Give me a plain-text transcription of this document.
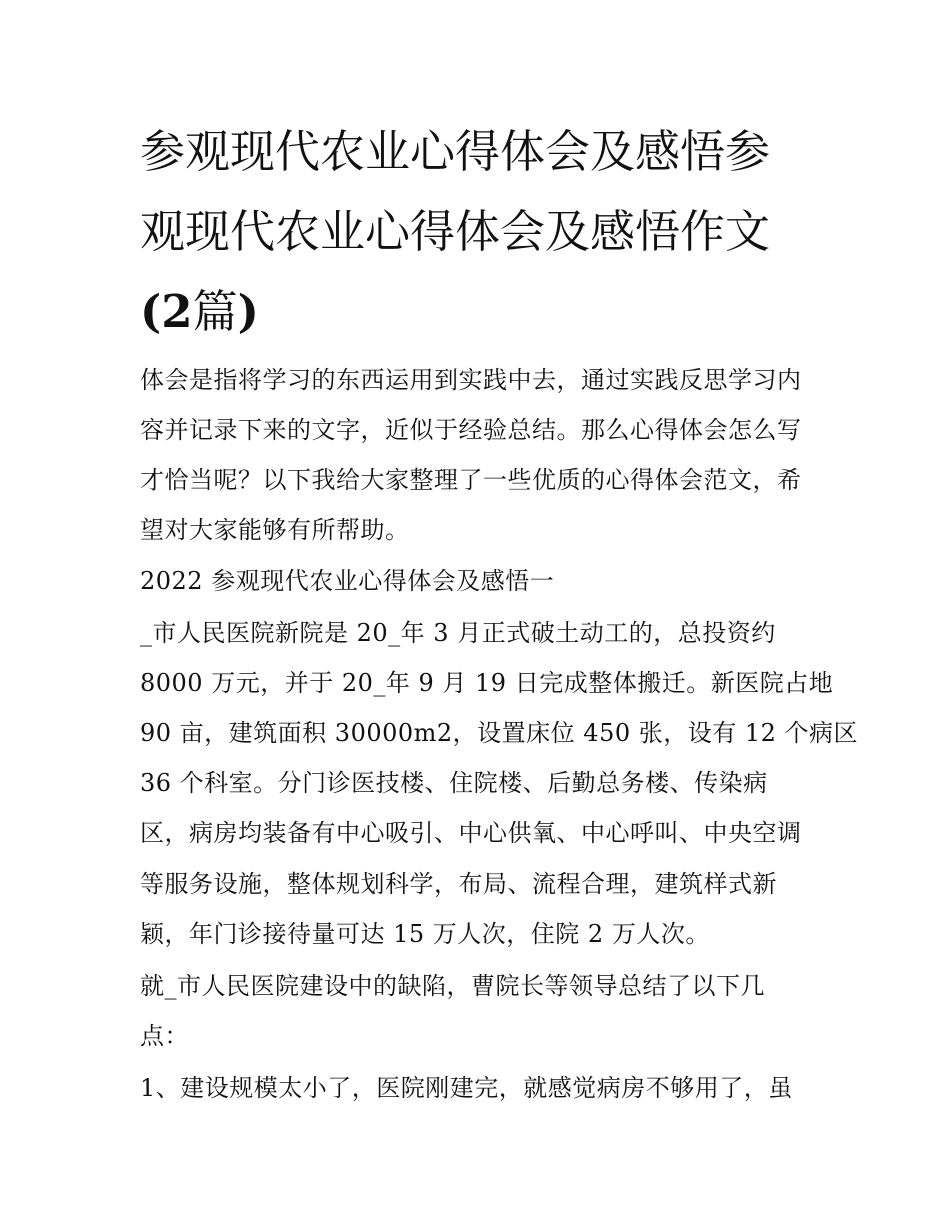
参观现代农业心得体会及感悟参观现代农业心得体会及感悟作文(2篇)
体会是指将学习的东西运用到实践中去，通过实践反思学习内
容并记录下来的文字，近似于经验总结。那么心得体会怎么写
才恰当呢？以下我给大家整理了一些优质的心得体会范文，希
望对大家能够有所帮助。
2022 参观现代农业心得体会及感悟一
_市人民医院新院是 20_年 3 月正式破土动工的，总投资约
8000 万元，并于 20_年 9 月 19 日完成整体搬迁。新医院占地
90 亩，建筑面积 30000m2，设置床位 450 张，设有 12 个病区
36 个科室。分门诊医技楼、住院楼、后勤总务楼、传染病
区，病房均装备有中心吸引、中心供氧、中心呼叫、中央空调
等服务设施，整体规划科学，布局、流程合理，建筑样式新
颖，年门诊接待量可达 15 万人次，住院 2 万人次。
就_市人民医院建设中的缺陷，曹院长等领导总结了以下几
点：
1、建设规模太小了，医院刚建完，就感觉病房不够用了，虽
